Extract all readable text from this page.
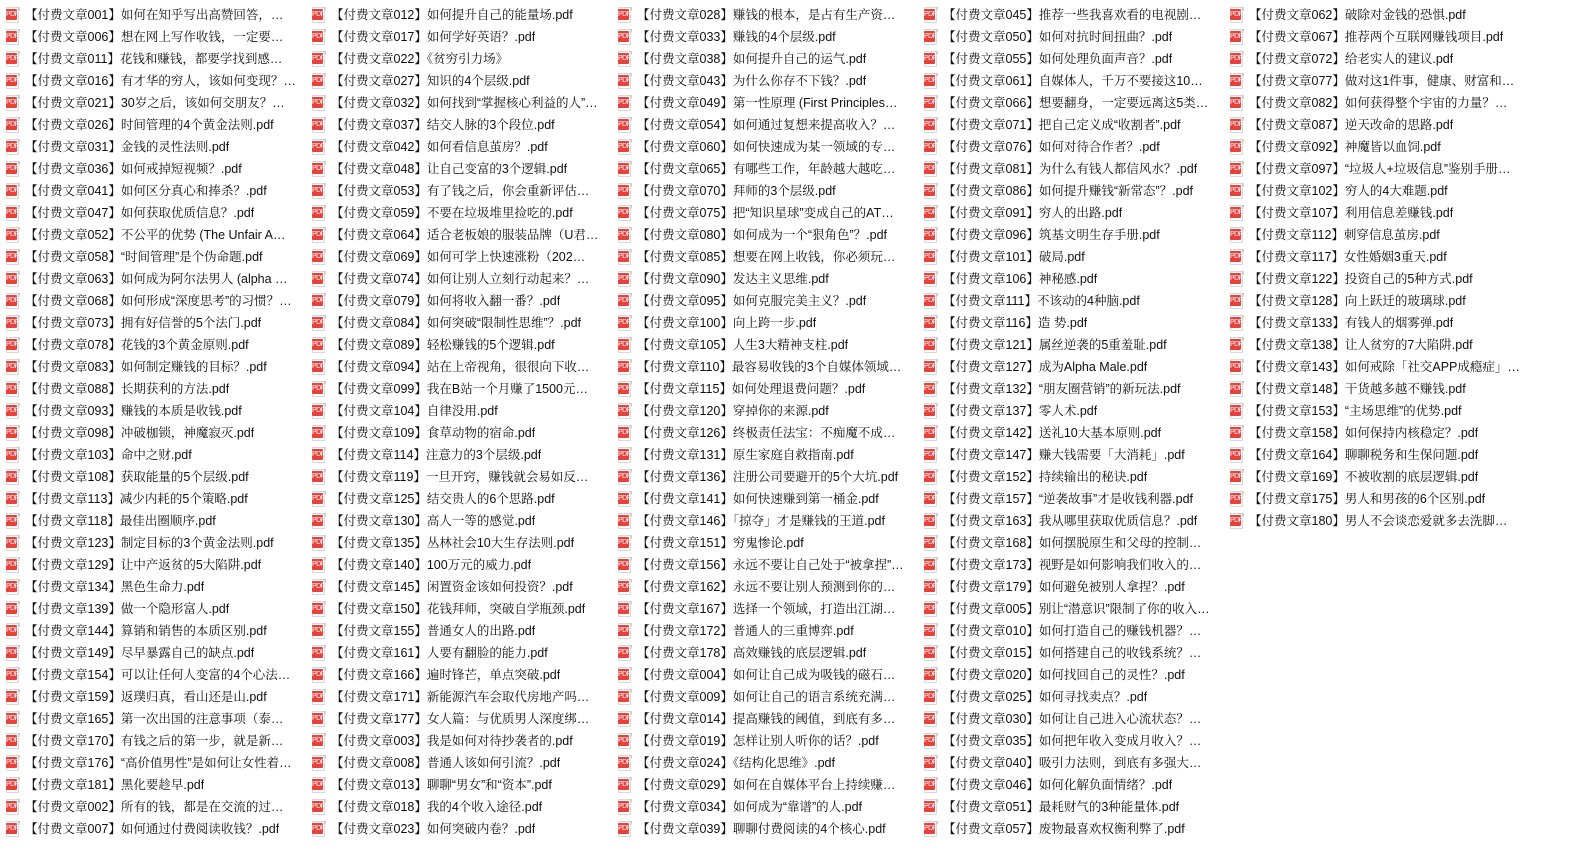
PDF 【付费文章001】如何在知乎写出高赞回答，…
PDF 【付费文章006】想在网上写作收钱，一定要…
PDF 【付费文章011】花钱和赚钱，都要学找到感…
PDF 【付费文章016】有才华的穷人，该如何变现？…
PDF 【付费文章021】30岁之后，该如何交朋友？…
PDF 【付费文章026】时间管理的4个黄金法则.pdf
PDF 【付费文章031】金钱的灵性法则.pdf
PDF 【付费文章036】如何戒掉短视频？.pdf
PDF 【付费文章041】如何区分真心和捧杀？.pdf
PDF 【付费文章047】如何获取优质信息？.pdf
PDF 【付费文章052】不公平的优势 (The Unfair A…
PDF 【付费文章058】“时间管理”是个伪命题.pdf
PDF 【付费文章063】如何成为阿尔法男人 (alpha …
PDF 【付费文章068】如何形成“深度思考”的习惯？…
PDF 【付费文章073】拥有好信誉的5个法门.pdf
PDF 【付费文章078】花钱的3个黄金原则.pdf
PDF 【付费文章083】如何制定赚钱的目标？.pdf
PDF 【付费文章088】长期获利的方法.pdf
PDF 【付费文章093】赚钱的本质是收钱.pdf
PDF 【付费文章098】冲破枷锁，神魔寂灭.pdf
PDF 【付费文章103】命中之财.pdf
PDF 【付费文章108】获取能量的5个层级.pdf
PDF 【付费文章113】减少内耗的5个策略.pdf
PDF 【付费文章118】最佳出圈顺序.pdf
PDF 【付费文章123】制定目标的3个黄金法则.pdf
PDF 【付费文章129】让中产返贫的5大陷阱.pdf
PDF 【付费文章134】黑色生命力.pdf
PDF 【付费文章139】做一个隐形富人.pdf
PDF 【付费文章144】算销和销售的本质区别.pdf
PDF 【付费文章149】尽早暴露自己的缺点.pdf
PDF 【付费文章154】可以让任何人变富的4个心法…
PDF 【付费文章159】返璞归真，看山还是山.pdf
PDF 【付费文章165】第一次出国的注意事项（泰…
PDF 【付费文章170】有钱之后的第一步，就是新…
PDF 【付费文章176】“高价值男性”是如何让女性着…
PDF 【付费文章181】黑化要趁早.pdf
PDF 【付费文章002】所有的钱，都是在交流的过…
PDF 【付费文章007】如何通过付费阅读收钱？.pdf
PDF 【付费文章012】如何提升自己的能量场.pdf
PDF 【付费文章017】如何学好英语？.pdf
PDF 【付费文章022】《贫穷引力场》
PDF 【付费文章027】知识的4个层级.pdf
PDF 【付费文章032】如何找到“掌握核心利益的人”…
PDF 【付费文章037】结交人脉的3个段位.pdf
PDF 【付费文章042】如何看信息茧房？.pdf
PDF 【付费文章048】让自己变富的3个逻辑.pdf
PDF 【付费文章053】有了钱之后，你会重新评估…
PDF 【付费文章059】不要在垃圾堆里捡吃的.pdf
PDF 【付费文章064】适合老板娘的服装品牌（U君…
PDF 【付费文章069】如何可学上快速涨粉（202…
PDF 【付费文章074】如何让别人立刻行动起来？…
PDF 【付费文章079】如何将收入翻一番？.pdf
PDF 【付费文章084】如何突破“限制性思维”？.pdf
PDF 【付费文章089】轻松赚钱的5个逻辑.pdf
PDF 【付费文章094】站在上帝视角，很很向下收…
PDF 【付费文章099】我在B站一个月赚了1500元…
PDF 【付费文章104】自律没用.pdf
PDF 【付费文章109】食草动物的宿命.pdf
PDF 【付费文章114】注意力的3个层级.pdf
PDF 【付费文章119】一旦开窍，赚钱就会易如反…
PDF 【付费文章125】结交贵人的6个思路.pdf
PDF 【付费文章130】高人一等的感觉.pdf
PDF 【付费文章135】丛林社会10大生存法则.pdf
PDF 【付费文章140】100万元的威力.pdf
PDF 【付费文章145】闲置资金该如何投资？.pdf
PDF 【付费文章150】花钱拜师，突破自学瓶颈.pdf
PDF 【付费文章155】普通女人的出路.pdf
PDF 【付费文章161】人要有翻脸的能力.pdf
PDF 【付费文章166】遍时锋芒，单点突破.pdf
PDF 【付费文章171】新能源汽车会取代房地产吗…
PDF 【付费文章177】女人篇：与优质男人深度绑…
PDF 【付费文章003】我是如何对待抄袭者的.pdf
PDF 【付费文章008】普通人该如何引流？.pdf
PDF 【付费文章013】聊聊“男女”和“资本”.pdf
PDF 【付费文章018】我的4个收入途径.pdf
PDF 【付费文章023】如何突破内卷？.pdf
PDF 【付费文章028】赚钱的根本，是占有生产资…
PDF 【付费文章033】赚钱的4个层级.pdf
PDF 【付费文章038】如何提升自己的运气.pdf
PDF 【付费文章043】为什么你存不下钱？.pdf
PDF 【付费文章049】第一性原理 (First Principles…
PDF 【付费文章054】如何通过复想来提高收入？…
PDF 【付费文章060】如何快速成为某一领域的专…
PDF 【付费文章065】有哪些工作，年龄越大越吃…
PDF 【付费文章070】拜师的3个层级.pdf
PDF 【付费文章075】把“知识星球”变成自己的AT…
PDF 【付费文章080】如何成为一个“狠角色”？.pdf
PDF 【付费文章085】想要在网上收钱，你必须玩…
PDF 【付费文章090】发达主义思维.pdf
PDF 【付费文章095】如何克服完美主义？.pdf
PDF 【付费文章100】向上跨一步.pdf
PDF 【付费文章105】人生3大精神支柱.pdf
PDF 【付费文章110】最容易收钱的3个自媒体领域…
PDF 【付费文章115】如何处理退费问题？.pdf
PDF 【付费文章120】穿掉你的来源.pdf
PDF 【付费文章126】终极责任法宝：不痴魔不成…
PDF 【付费文章131】原生家庭自救指南.pdf
PDF 【付费文章136】注册公司要避开的5个大坑.pdf
PDF 【付费文章141】如何快速赚到第一桶金.pdf
PDF 【付费文章146】「掠夺」才是赚钱的王道.pdf
PDF 【付费文章151】穷鬼惨论.pdf
PDF 【付费文章156】永远不要让自己处于“被拿捏”…
PDF 【付费文章162】永远不要让别人预测到你的…
PDF 【付费文章167】选择一个领域，打造出江湖…
PDF 【付费文章172】普通人的三重博弈.pdf
PDF 【付费文章178】高效赚钱的底层逻辑.pdf
PDF 【付费文章004】如何让自己成为吸钱的磁石…
PDF 【付费文章009】如何让自己的语言系统充满…
PDF 【付费文章014】提高赚钱的阈值，到底有多…
PDF 【付费文章019】怎样让别人听你的话？.pdf
PDF 【付费文章024】《结构化思维》.pdf
PDF 【付费文章029】如何在自媒体平台上持续赚…
PDF 【付费文章034】如何成为“靠谱”的人.pdf
PDF 【付费文章039】聊聊付费阅读的4个核心.pdf
PDF 【付费文章045】推荐一些我喜欢看的电视剧…
PDF 【付费文章050】如何对抗时间扭曲？.pdf
PDF 【付费文章055】如何处理负面声音？.pdf
PDF 【付费文章061】自媒体人，千万不要接这10…
PDF 【付费文章066】想要翻身，一定要远离这5类…
PDF 【付费文章071】把自己定义成“收割者”.pdf
PDF 【付费文章076】如何对待合作者？.pdf
PDF 【付费文章081】为什么有钱人都信风水？.pdf
PDF 【付费文章086】如何提升赚钱“新常态”？.pdf
PDF 【付费文章091】穷人的出路.pdf
PDF 【付费文章096】筑基文明生存手册.pdf
PDF 【付费文章101】破局.pdf
PDF 【付费文章106】神秘感.pdf
PDF 【付费文章111】不该动的4种脑.pdf
PDF 【付费文章116】造 势.pdf
PDF 【付费文章121】属丝逆袭的5重羞耻.pdf
PDF 【付费文章127】成为Alpha Male.pdf
PDF 【付费文章132】“朋友圈营销”的新玩法.pdf
PDF 【付费文章137】零人术.pdf
PDF 【付费文章142】送礼10大基本原则.pdf
PDF 【付费文章147】赚大钱需要「大消耗」.pdf
PDF 【付费文章152】持续输出的秘诀.pdf
PDF 【付费文章157】“逆袭故事”才是收钱利器.pdf
PDF 【付费文章163】我从哪里获取优质信息？.pdf
PDF 【付费文章168】如何摆脱原生和父母的控制…
PDF 【付费文章173】视野是如何影响我们收入的…
PDF 【付费文章179】如何避免被别人拿捏？.pdf
PDF 【付费文章005】别让“潜意识”限制了你的收入…
PDF 【付费文章010】如何打造自己的赚钱机器？…
PDF 【付费文章015】如何搭建自己的收钱系统？…
PDF 【付费文章020】如何找回自己的灵性？.pdf
PDF 【付费文章025】如何寻找卖点？.pdf
PDF 【付费文章030】如何让自己进入心流状态？…
PDF 【付费文章035】如何把年收入变成月收入？…
PDF 【付费文章040】吸引力法则，到底有多强大…
PDF 【付费文章046】如何化解负面情绪？.pdf
PDF 【付费文章051】最耗财气的3种能量体.pdf
PDF 【付费文章057】废物最喜欢权衡利弊了.pdf
PDF 【付费文章062】破除对金钱的恐惧.pdf
PDF 【付费文章067】推荐两个互联网赚钱项目.pdf
PDF 【付费文章072】给老实人的建议.pdf
PDF 【付费文章077】做对这1件事，健康、财富和…
PDF 【付费文章082】如何获得整个宇宙的力量？…
PDF 【付费文章087】逆天改命的思路.pdf
PDF 【付费文章092】神魔皆以血饲.pdf
PDF 【付费文章097】“垃圾人+垃圾信息”鉴别手册…
PDF 【付费文章102】穷人的4大难题.pdf
PDF 【付费文章107】利用信息差赚钱.pdf
PDF 【付费文章112】刺穿信息茧房.pdf
PDF 【付费文章117】女性婚姻3重天.pdf
PDF 【付费文章122】投资自己的5种方式.pdf
PDF 【付费文章128】向上跃迁的玻璃球.pdf
PDF 【付费文章133】有钱人的烟雾弹.pdf
PDF 【付费文章138】让人贫穷的7大陷阱.pdf
PDF 【付费文章143】如何戒除「社交APP成瘾症」…
PDF 【付费文章148】干货越多越不赚钱.pdf
PDF 【付费文章153】“主场思维”的优势.pdf
PDF 【付费文章158】如何保持内核稳定？.pdf
PDF 【付费文章164】聊聊税务和生保问题.pdf
PDF 【付费文章169】不被收割的底层逻辑.pdf
PDF 【付费文章175】男人和男孩的6个区别.pdf
PDF 【付费文章180】男人不会谈恋爱就多去洗脚…
